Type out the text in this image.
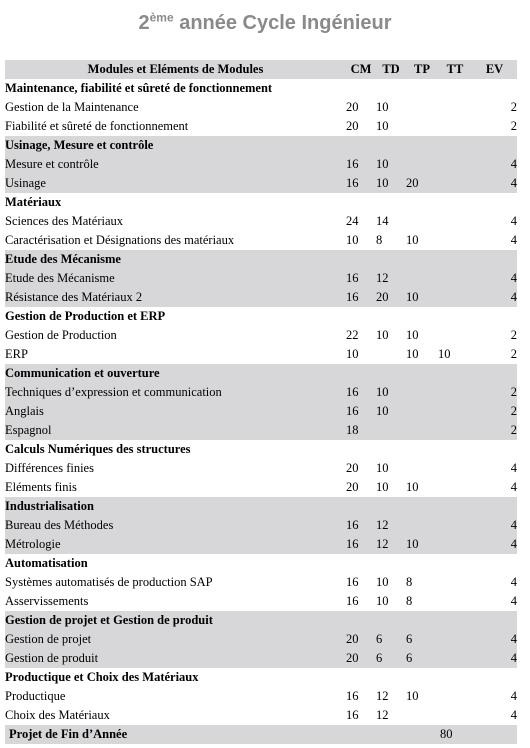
2ème année Cycle Ingénieur
Modules et Eléments de Modules	CM	TD	TP	TT	EV
Maintenance, fiabilité et sûreté de fonctionnement					
Gestion de la Maintenance	20	10			2
Fiabilité et sûreté de fonctionnement	20	10			2
Usinage, Mesure et contrôle					
Mesure et contrôle	16	10			4
Usinage	16	10	20		4
Matériaux					
Sciences des Matériaux	24	14			4
Caractérisation et Désignations des matériaux	10	8	10		4
Etude des Mécanisme					
Etude des Mécanisme	16	12			4
Résistance des Matériaux 2	16	20	10		4
Gestion de Production et ERP					
Gestion de Production	22	10	10		2
ERP	10		10	10	2
Communication et ouverture					
Techniques d’expression et communication	16	10			2
Anglais	16	10			2
Espagnol	18				2
Calculs Numériques des structures					
Différences finies	20	10			4
Eléments finis	20	10	10		4
Industrialisation					
Bureau des Méthodes	16	12			4
Métrologie	16	12	10		4
Automatisation					
Systèmes automatisés de production SAP	16	10	8		4
Asservissements	16	10	8		4
Gestion de projet et Gestion de produit					
Gestion de projet	20	6	6		4
Gestion de produit	20	6	6		4
Productique et Choix des Matériaux					
Productique	16	12	10		4
Choix des Matériaux	16	12			4
Projet de Fin d’Année				80	
